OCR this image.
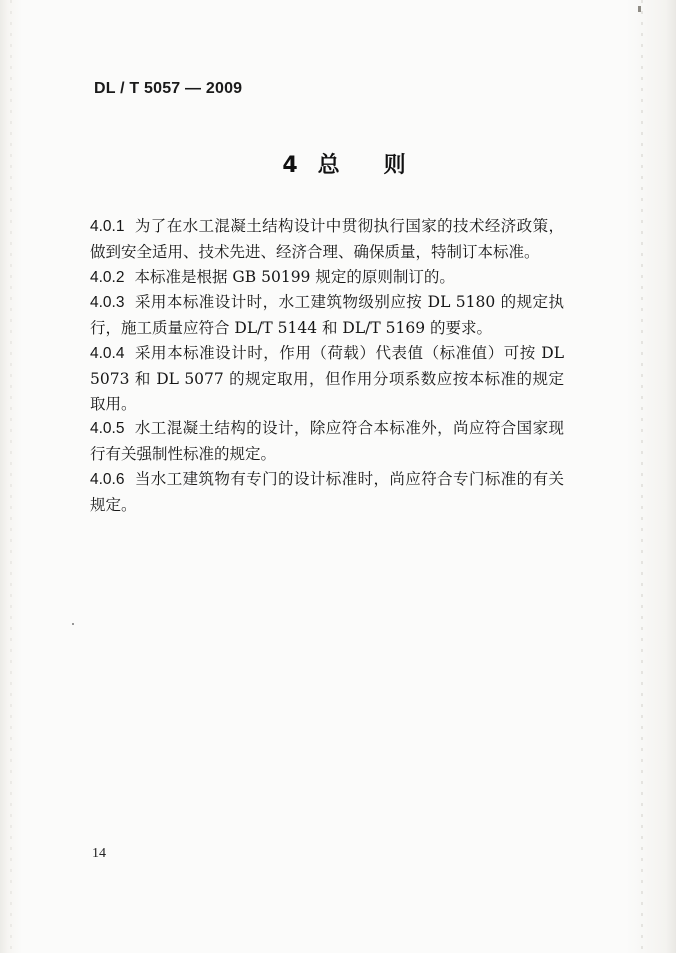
DL / T 5057 — 2009
4 总 则

4.0.1 为了在水工混凝土结构设计中贯彻执行国家的技术经济政策，做到安全适用、技术先进、经济合理、确保质量，特制订本标准。

4.0.2 本标准是根据 GB 50199 规定的原则制订的。

4.0.3 采用本标准设计时，水工建筑物级别应按 DL 5180 的规定执行，施工质量应符合 DL/T 5144 和 DL/T 5169 的要求。

4.0.4 采用本标准设计时，作用（荷载）代表值（标准值）可按 DL 5073 和 DL 5077 的规定取用，但作用分项系数应按本标准的规定取用。

4.0.5 水工混凝土结构的设计，除应符合本标准外，尚应符合国家现行有关强制性标准的规定。

4.0.6 当水工建筑物有专门的设计标准时，尚应符合专门标准的有关规定。

14
